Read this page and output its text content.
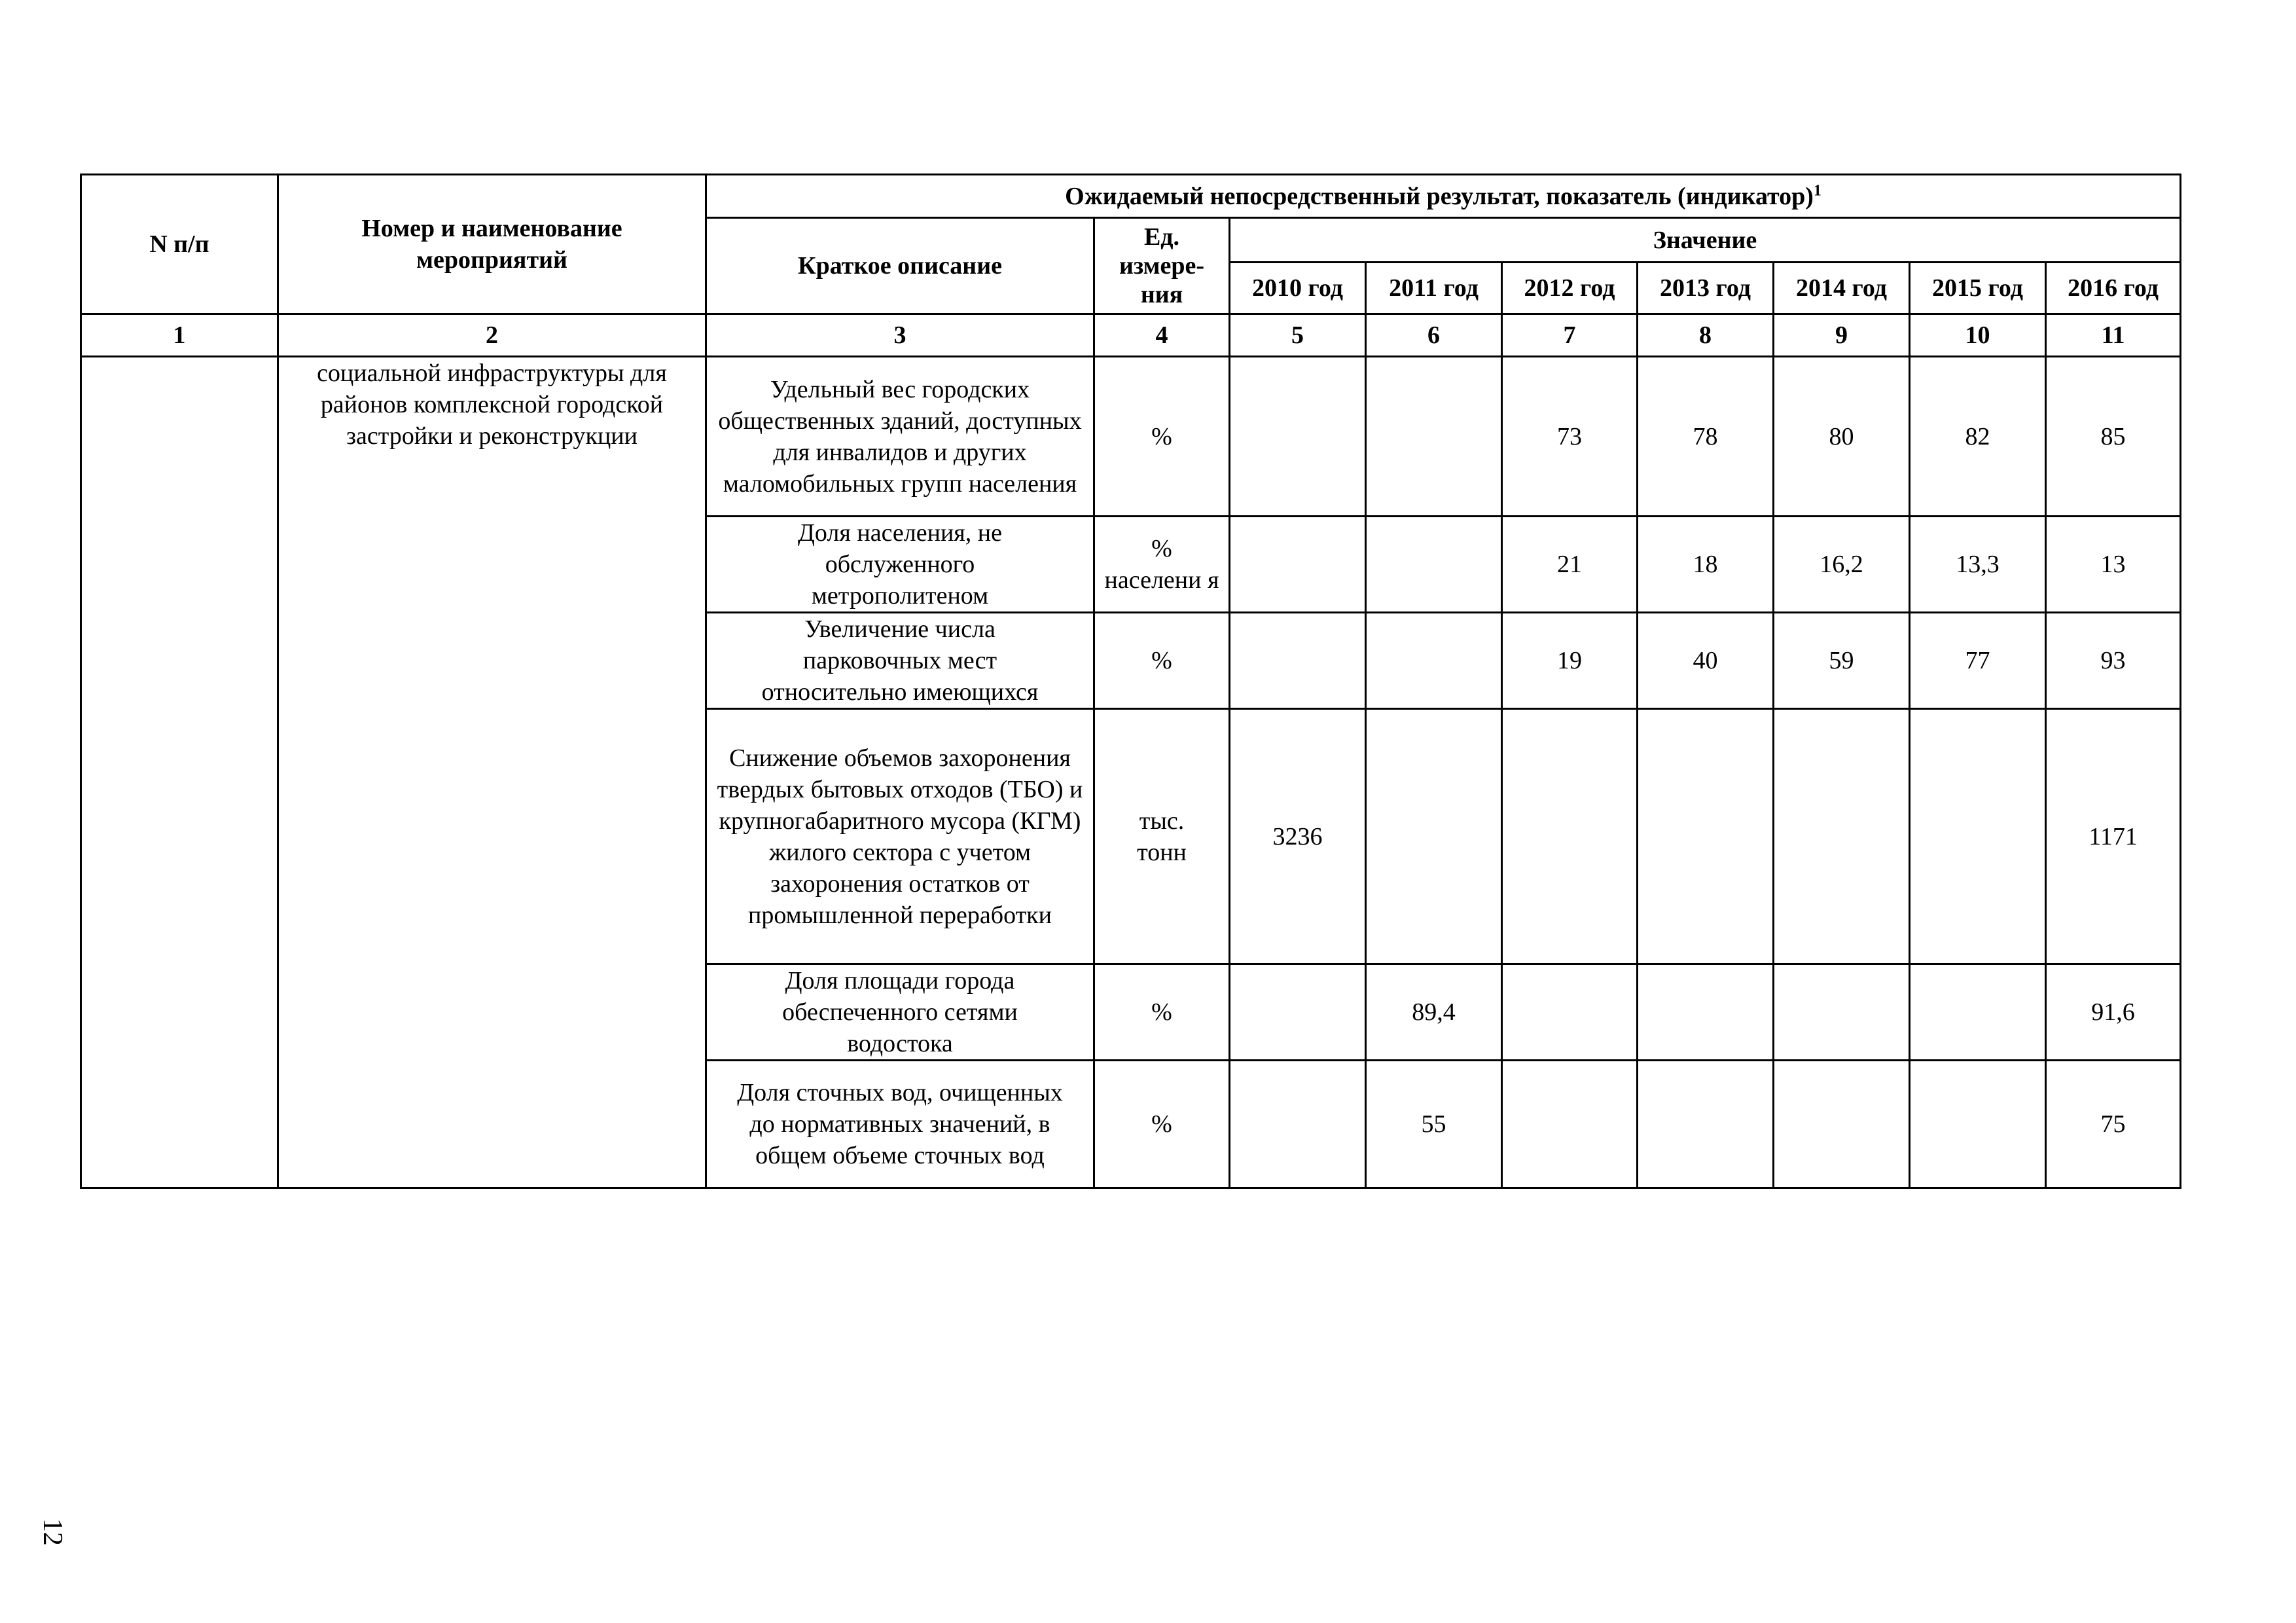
N п/п	Номер и наименование мероприятий	Ожидаемый непосредственный результат, показатель (индикатор)$^1$
		Краткое описание	Ед. измере-ния	Значение						
				2010 год	2011 год	2012 год	2013 год	2014 год	2015 год	2016 год
1	2	3	4	5	6	7	8	9	10	11
	социальной инфраструктуры для районов комплексной городской застройки и реконструкции	Удельный вес городских общественных зданий, доступных для инвалидов и других маломобильных групп населения	%			73	78	80	82	85
		Доля населения, не обслуженного метрополитеном	% населени я			21	18	16,2	13,3	13
		Увеличение числа парковочных мест относительно имеющихся	%			19	40	59	77	93
		Снижение объемов захоронения твердых бытовых отходов (ТБО) и крупногабаритного мусора (КГМ) жилого сектора с учетом захоронения остатков от промышленной переработки	тыс. тонн	3236						1171
		Доля площади города обеспеченного сетями водостока	%		89,4					91,6
		Доля сточных вод, очищенных до нормативных значений, в общем объеме сточных вод	%		55					75
12
